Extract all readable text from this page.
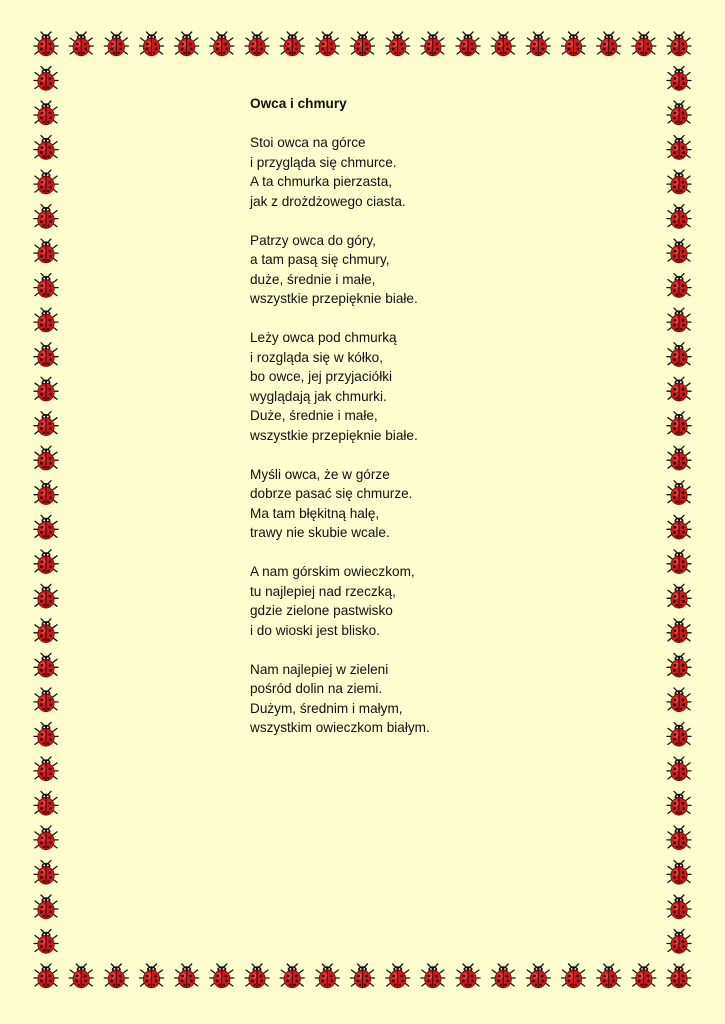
Owca i chmury
Stoi owca na górce
i przygląda się chmurce.
A ta chmurka pierzasta,
jak z drożdżowego ciasta.
Patrzy owca do góry,
a tam pasą się chmury,
duże, średnie i małe,
wszystkie przepięknie białe.
Leży owca pod chmurką
i rozgląda się w kółko,
bo owce, jej przyjaciółki
wyglądają jak chmurki.
Duże, średnie i małe,
wszystkie przepięknie białe.
Myśli owca, że w górze
dobrze pasać się chmurze.
Ma tam błękitną halę,
trawy nie skubie wcale.
A nam górskim owieczkom,
tu najlepiej nad rzeczką,
gdzie zielone pastwisko
i do wioski jest blisko.
Nam najlepiej w zieleni
pośród dolin na ziemi.
Dużym, średnim i małym,
wszystkim owieczkom białym.
